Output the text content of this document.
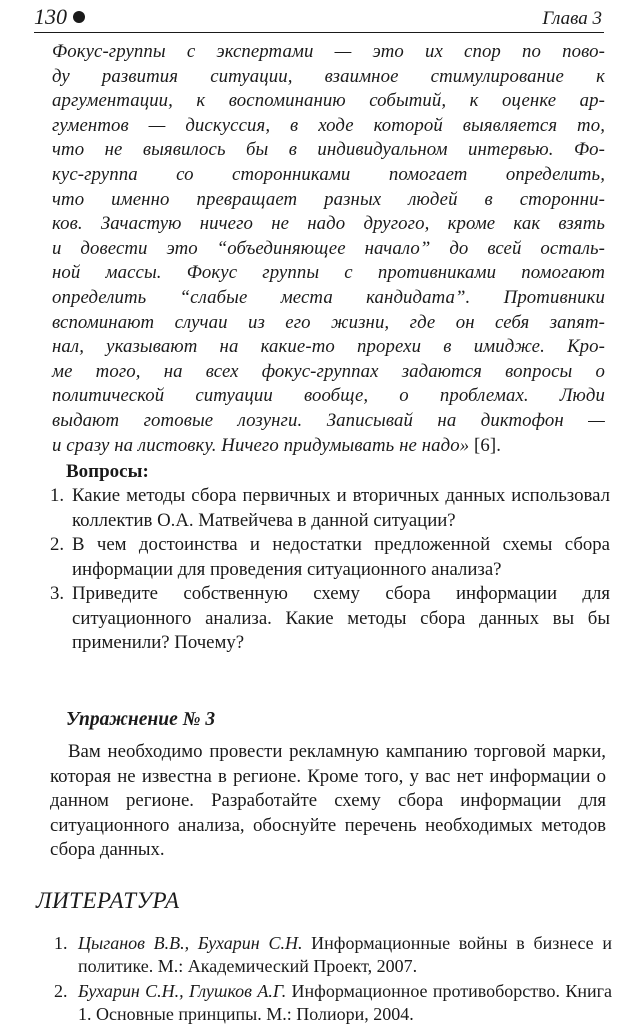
130	Глава 3
Фокус-группы с экспертами — это их спор по пово-
ду развития ситуации, взаимное стимулирование к
аргументации, к воспоминанию событий, к оценке ар-
гументов — дискуссия, в ходе которой выявляется то,
что не выявилось бы в индивидуальном интервью. Фо-
кус-группа со сторонниками помогает определить,
что именно превращает разных людей в сторонни-
ков. Зачастую ничего не надо другого, кроме как взять
и довести это “объединяющее начало” до всей осталь-
ной массы. Фокус группы с противниками помогают
определить “слабые места кандидата”. Противники
вспоминают случаи из его жизни, где он себя запят-
нал, указывают на какие-то прорехи в имидже. Кро-
ме того, на всех фокус-группах задаются вопросы о
политической ситуации вообще, о проблемах. Люди
выдают готовые лозунги. Записывай на диктофон —
и сразу на листовку. Ничего придумывать не надо» [6].
Вопросы:
1. Какие методы сбора первичных и вторичных данных использовал коллектив О.А. Матвейчева в данной ситуации?
2. В чем достоинства и недостатки предложенной схемы сбора информации для проведения ситуационного анализа?
3. Приведите собственную схему сбора информации для ситуационного анализа. Какие методы сбора данных вы бы применили? Почему?
Упражнение № 3
Вам необходимо провести рекламную кампанию торговой марки, которая не известна в регионе. Кроме того, у вас нет информации о данном регионе. Разработайте схему сбора информации для ситуационного анализа, обоснуйте перечень необходимых методов сбора данных.
ЛИТЕРАТУРА
1. Цыганов В.В., Бухарин С.Н. Информационные войны в бизнесе и политике. М.: Академический Проект, 2007.
2. Бухарин С.Н., Глушков А.Г. Информационное противоборство. Книга 1. Основные принципы. М.: Полиори, 2004.
